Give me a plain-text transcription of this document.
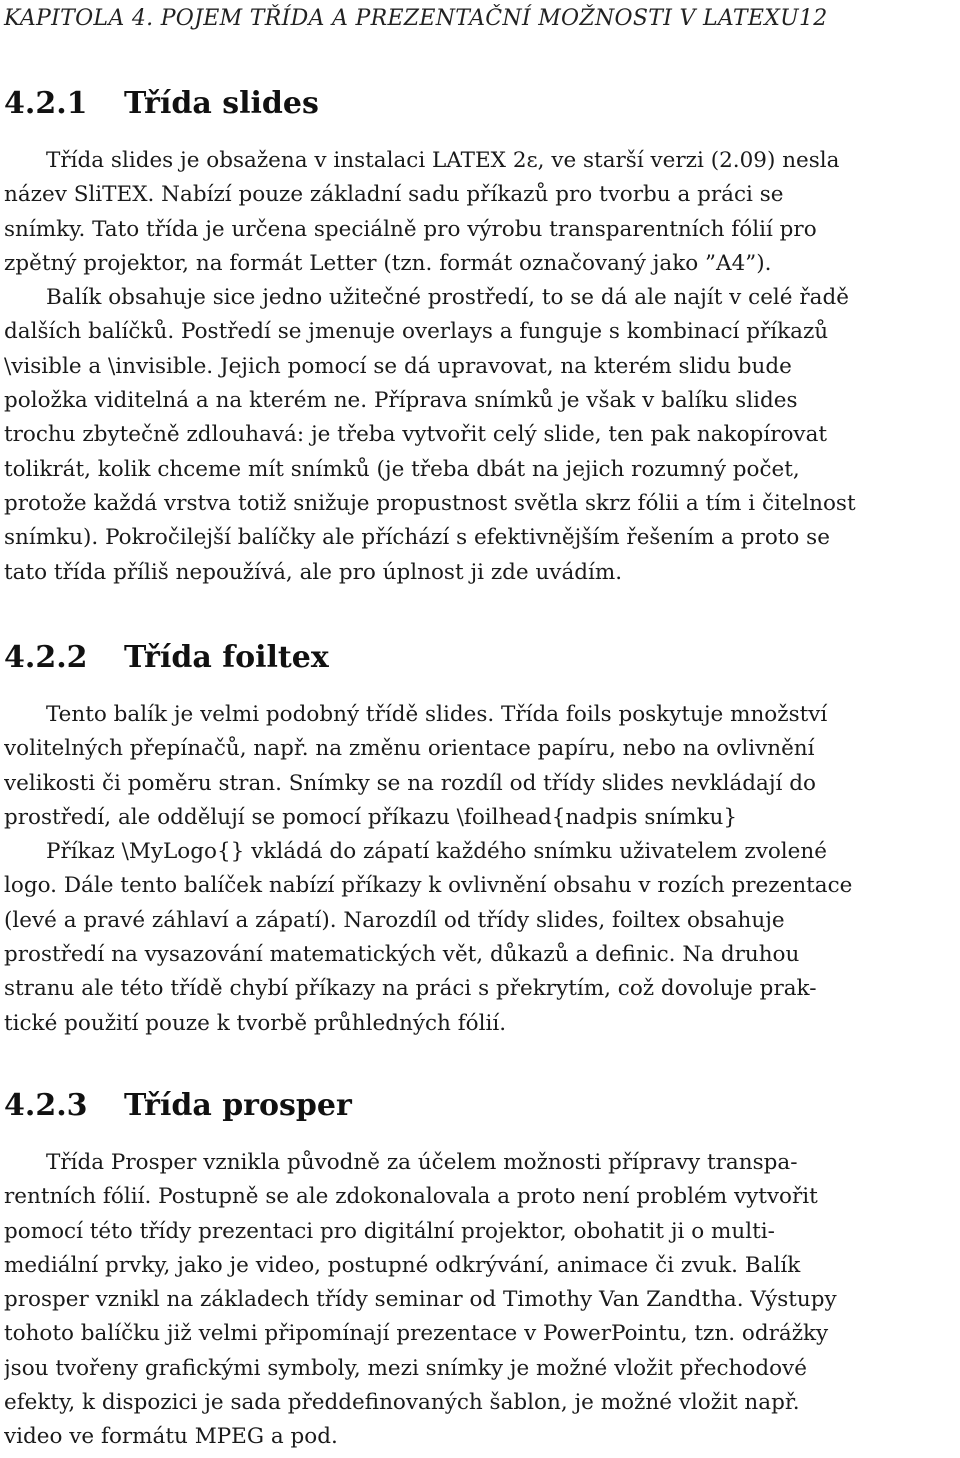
KAPITOLA 4. POJEM TŘÍDA A PREZENTAČNÍ MOŽNOSTI V LATEXU12
4.2.1 Třída slides
Třída slides je obsažena v instalaci LATEX 2ε, ve starší verzi (2.09) nesla
název SliTEX. Nabízí pouze základní sadu příkazů pro tvorbu a práci se
snímky. Tato třída je určena speciálně pro výrobu transparentních fólií pro
zpětný projektor, na formát Letter (tzn. formát označovaný jako ”A4”).
Balík obsahuje sice jedno užitečné prostředí, to se dá ale najít v celé řadě
dalších balíčků. Postředí se jmenuje overlays a funguje s kombinací příkazů
\visible a \invisible. Jejich pomocí se dá upravovat, na kterém slidu bude
položka viditelná a na kterém ne. Příprava snímků je však v balíku slides
trochu zbytečně zdlouhavá: je třeba vytvořit celý slide, ten pak nakopírovat
tolikrát, kolik chceme mít snímků (je třeba dbát na jejich rozumný počet,
protože každá vrstva totiž snižuje propustnost světla skrz fólii a tím i čitelnost
snímku). Pokročilejší balíčky ale příchází s efektivnějším řešením a proto se
tato třída příliš nepoužívá, ale pro úplnost ji zde uvádím.
4.2.2 Třída foiltex
Tento balík je velmi podobný třídě slides. Třída foils poskytuje množství
volitelných přepínačů, např. na změnu orientace papíru, nebo na ovlivnění
velikosti či poměru stran. Snímky se na rozdíl od třídy slides nevkládají do
prostředí, ale oddělují se pomocí příkazu \foilhead{nadpis snímku}
Příkaz \MyLogo{} vkládá do zápatí každého snímku uživatelem zvolené
logo. Dále tento balíček nabízí příkazy k ovlivnění obsahu v rozích prezentace
(levé a pravé záhlaví a zápatí). Narozdíl od třídy slides, foiltex obsahuje
prostředí na vysazování matematických vět, důkazů a definic. Na druhou
stranu ale této třídě chybí příkazy na práci s překrytím, což dovoluje prak-
tické použití pouze k tvorbě průhledných fólií.
4.2.3 Třída prosper
Třída Prosper vznikla původně za účelem možnosti přípravy transpa-
rentních fólií. Postupně se ale zdokonalovala a proto není problém vytvořit
pomocí této třídy prezentaci pro digitální projektor, obohatit ji o multi-
mediální prvky, jako je video, postupné odkrývání, animace či zvuk. Balík
prosper vznikl na základech třídy seminar od Timothy Van Zandtha. Výstupy
tohoto balíčku již velmi připomínají prezentace v PowerPointu, tzn. odrážky
jsou tvořeny grafickými symboly, mezi snímky je možné vložit přechodové
efekty, k dispozici je sada předdefinovaných šablon, je možné vložit např.
video ve formátu MPEG a pod.
